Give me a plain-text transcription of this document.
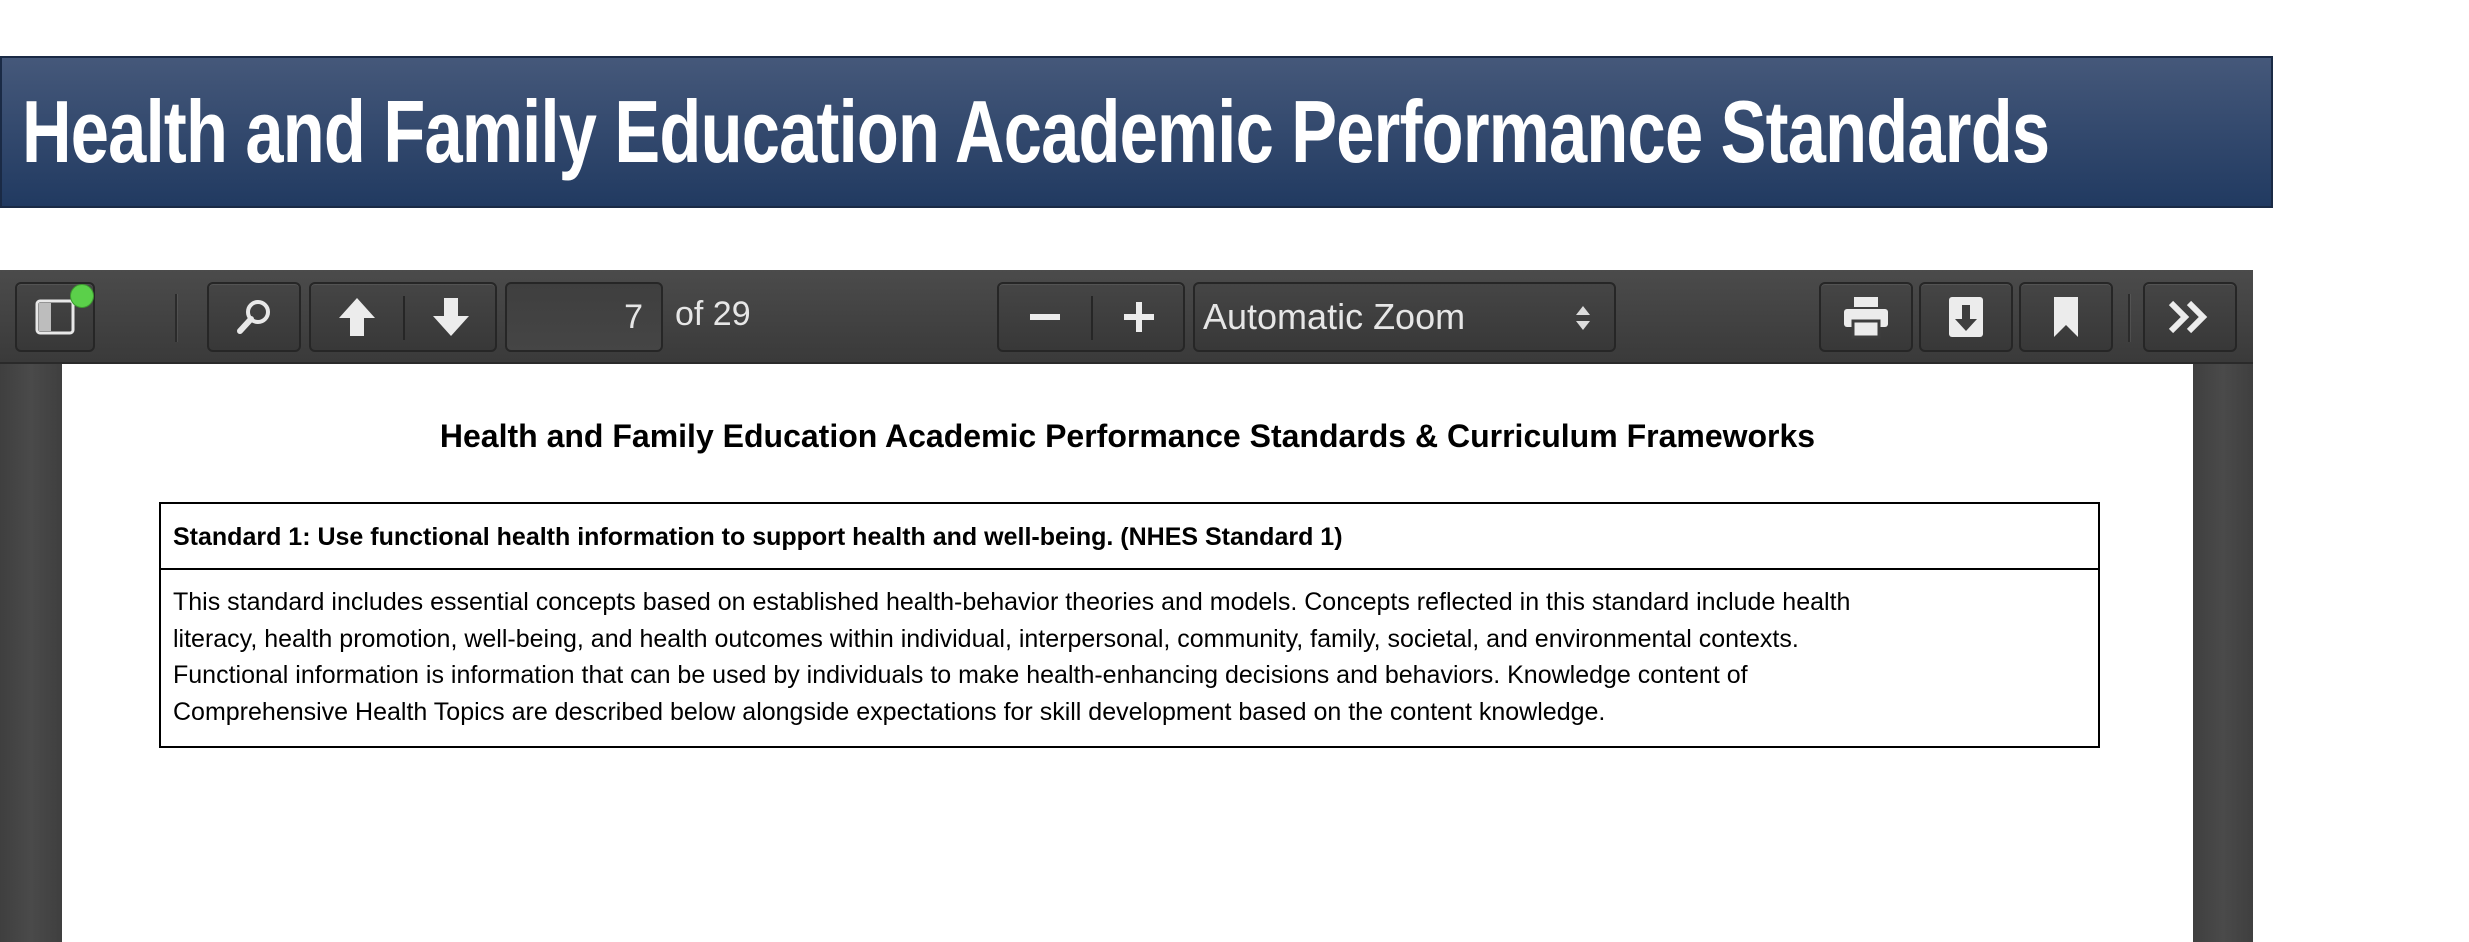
Health and Family Education Academic Performance Standards
7 of 29	Automatic Zoom
Health and Family Education Academic Performance Standards & Curriculum Frameworks
Standard 1: Use functional health information to support health and well-being. (NHES Standard 1)
This standard includes essential concepts based on established health-behavior theories and models. Concepts reflected in this standard include health
literacy, health promotion, well-being, and health outcomes within individual, interpersonal, community, family, societal, and environmental contexts.
Functional information is information that can be used by individuals to make health-enhancing decisions and behaviors. Knowledge content of
Comprehensive Health Topics are described below alongside expectations for skill development based on the content knowledge.
